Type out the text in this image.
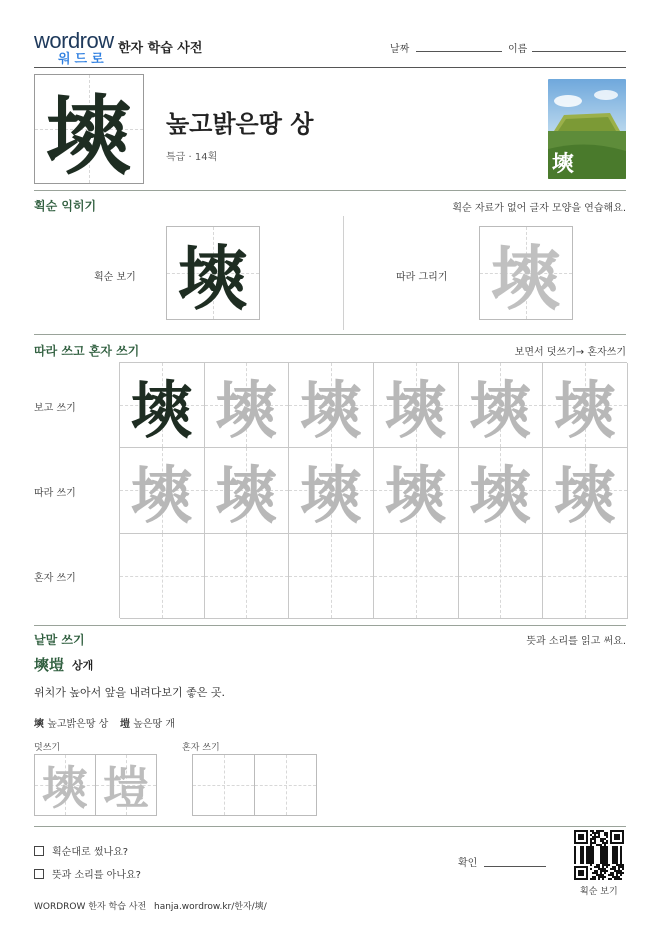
wordrow
워드로
한자 학습 사전	날짜	이름
塽	높고밝은땅 상
특급 · 14획	塽
획순 익히기	획순 자료가 없어 글자 모양을 연습해요.
획순 보기 塽	따라 그리기 塽
따라 쓰고 혼자 쓰기	보면서 덧쓰기→ 혼자쓰기
보고 쓰기
따라 쓰기
혼자 쓰기
塽 塽 塽 塽 塽 塽
塽 塽 塽 塽 塽 塽
낱말 쓰기	뜻과 소리를 읽고 써요.
塽塏 상개
위치가 높아서 앞을 내려다보기 좋은 곳.
塽 높고밝은땅 상 塏 높은땅 개
덧쓰기	혼자 쓰기
塽 塏
획순대로 썼나요?
뜻과 소리를 아나요?
확인
획순 보기
WORDROW 한자 학습 사전 hanja.wordrow.kr/한자/塽/
